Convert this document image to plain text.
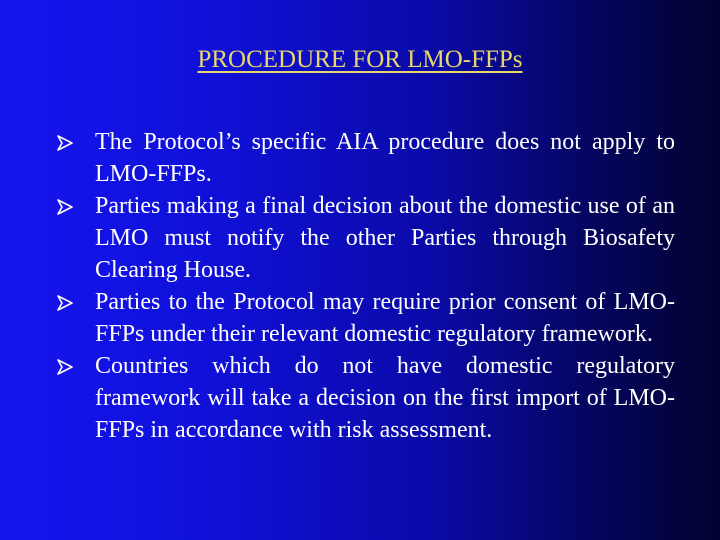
PROCEDURE FOR LMO-FFPs
The Protocol’s specific AIA procedure does not apply to LMO-FFPs.
Parties making a final decision about the domestic use of an LMO must notify the other Parties through Biosafety Clearing House.
Parties to the Protocol may require prior consent of LMO-FFPs under their relevant domestic regulatory framework.
Countries which do not have domestic regulatory framework will take a decision on the first import of LMO-FFPs in accordance with risk assessment.
